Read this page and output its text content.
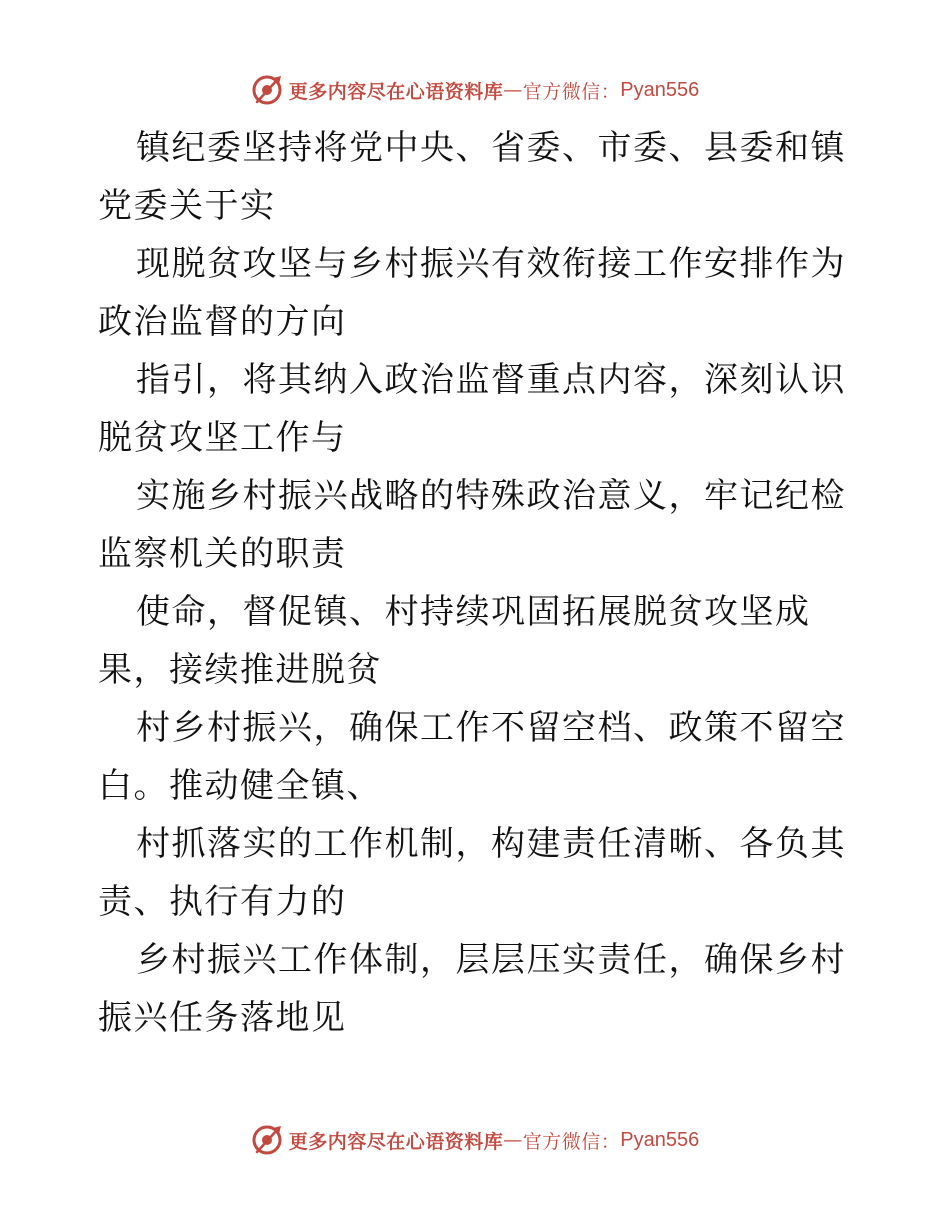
更多内容尽在心语资料库 — 官方微信： Pyan556

镇纪委坚持将党中央、省委、市委、县委和镇党委关于实

现脱贫攻坚与乡村振兴有效衔接工作安排作为政治监督的方向

指引，将其纳入政治监督重点内容，深刻认识脱贫攻坚工作与

实施乡村振兴战略的特殊政治意义，牢记纪检监察机关的职责

使命，督促镇、村持续巩固拓展脱贫攻坚成果，接续推进脱贫

村乡村振兴，确保工作不留空档、政策不留空白。推动健全镇、

村抓落实的工作机制，构建责任清晰、各负其责、执行有力的

乡村振兴工作体制，层层压实责任，确保乡村振兴任务落地见

更多内容尽在心语资料库 — 官方微信： Pyan556
